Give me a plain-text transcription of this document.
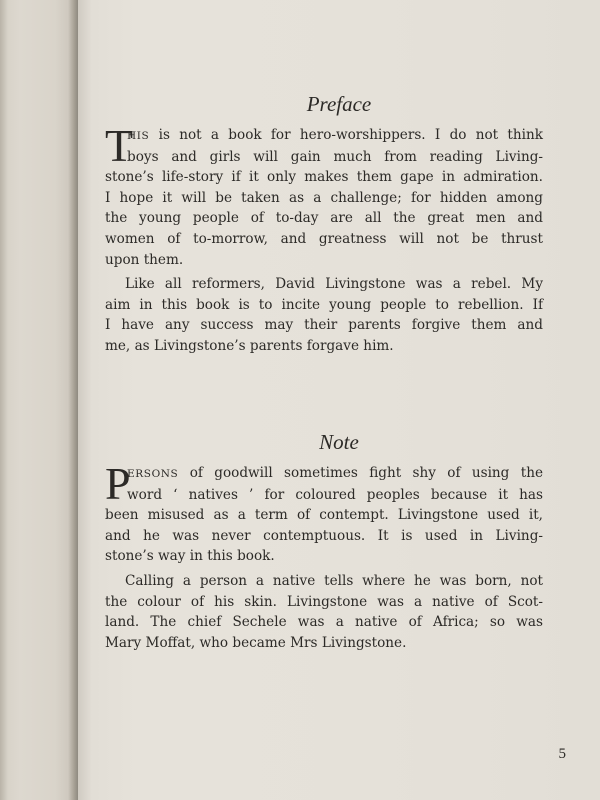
Preface
T
HIS is not a book for hero-worshippers. I do not think
boys and girls will gain much from reading Living-
stone’s life-story if it only makes them gape in admiration.
I hope it will be taken as a challenge; for hidden among
the young people of to-day are all the great men and
women of to-morrow, and greatness will not be thrust
upon them.
Like all reformers, David Livingstone was a rebel. My
aim in this book is to incite young people to rebellion. If
I have any success may their parents forgive them and
me, as Livingstone’s parents forgave him.
Note
P
ERSONS of goodwill sometimes fight shy of using the
word ‘ natives ’ for coloured peoples because it has
been misused as a term of contempt. Livingstone used it,
and he was never contemptuous. It is used in Living-
stone’s way in this book.
Calling a person a native tells where he was born, not
the colour of his skin. Livingstone was a native of Scot-
land. The chief Sechele was a native of Africa; so was
Mary Moffat, who became Mrs Livingstone.
5
